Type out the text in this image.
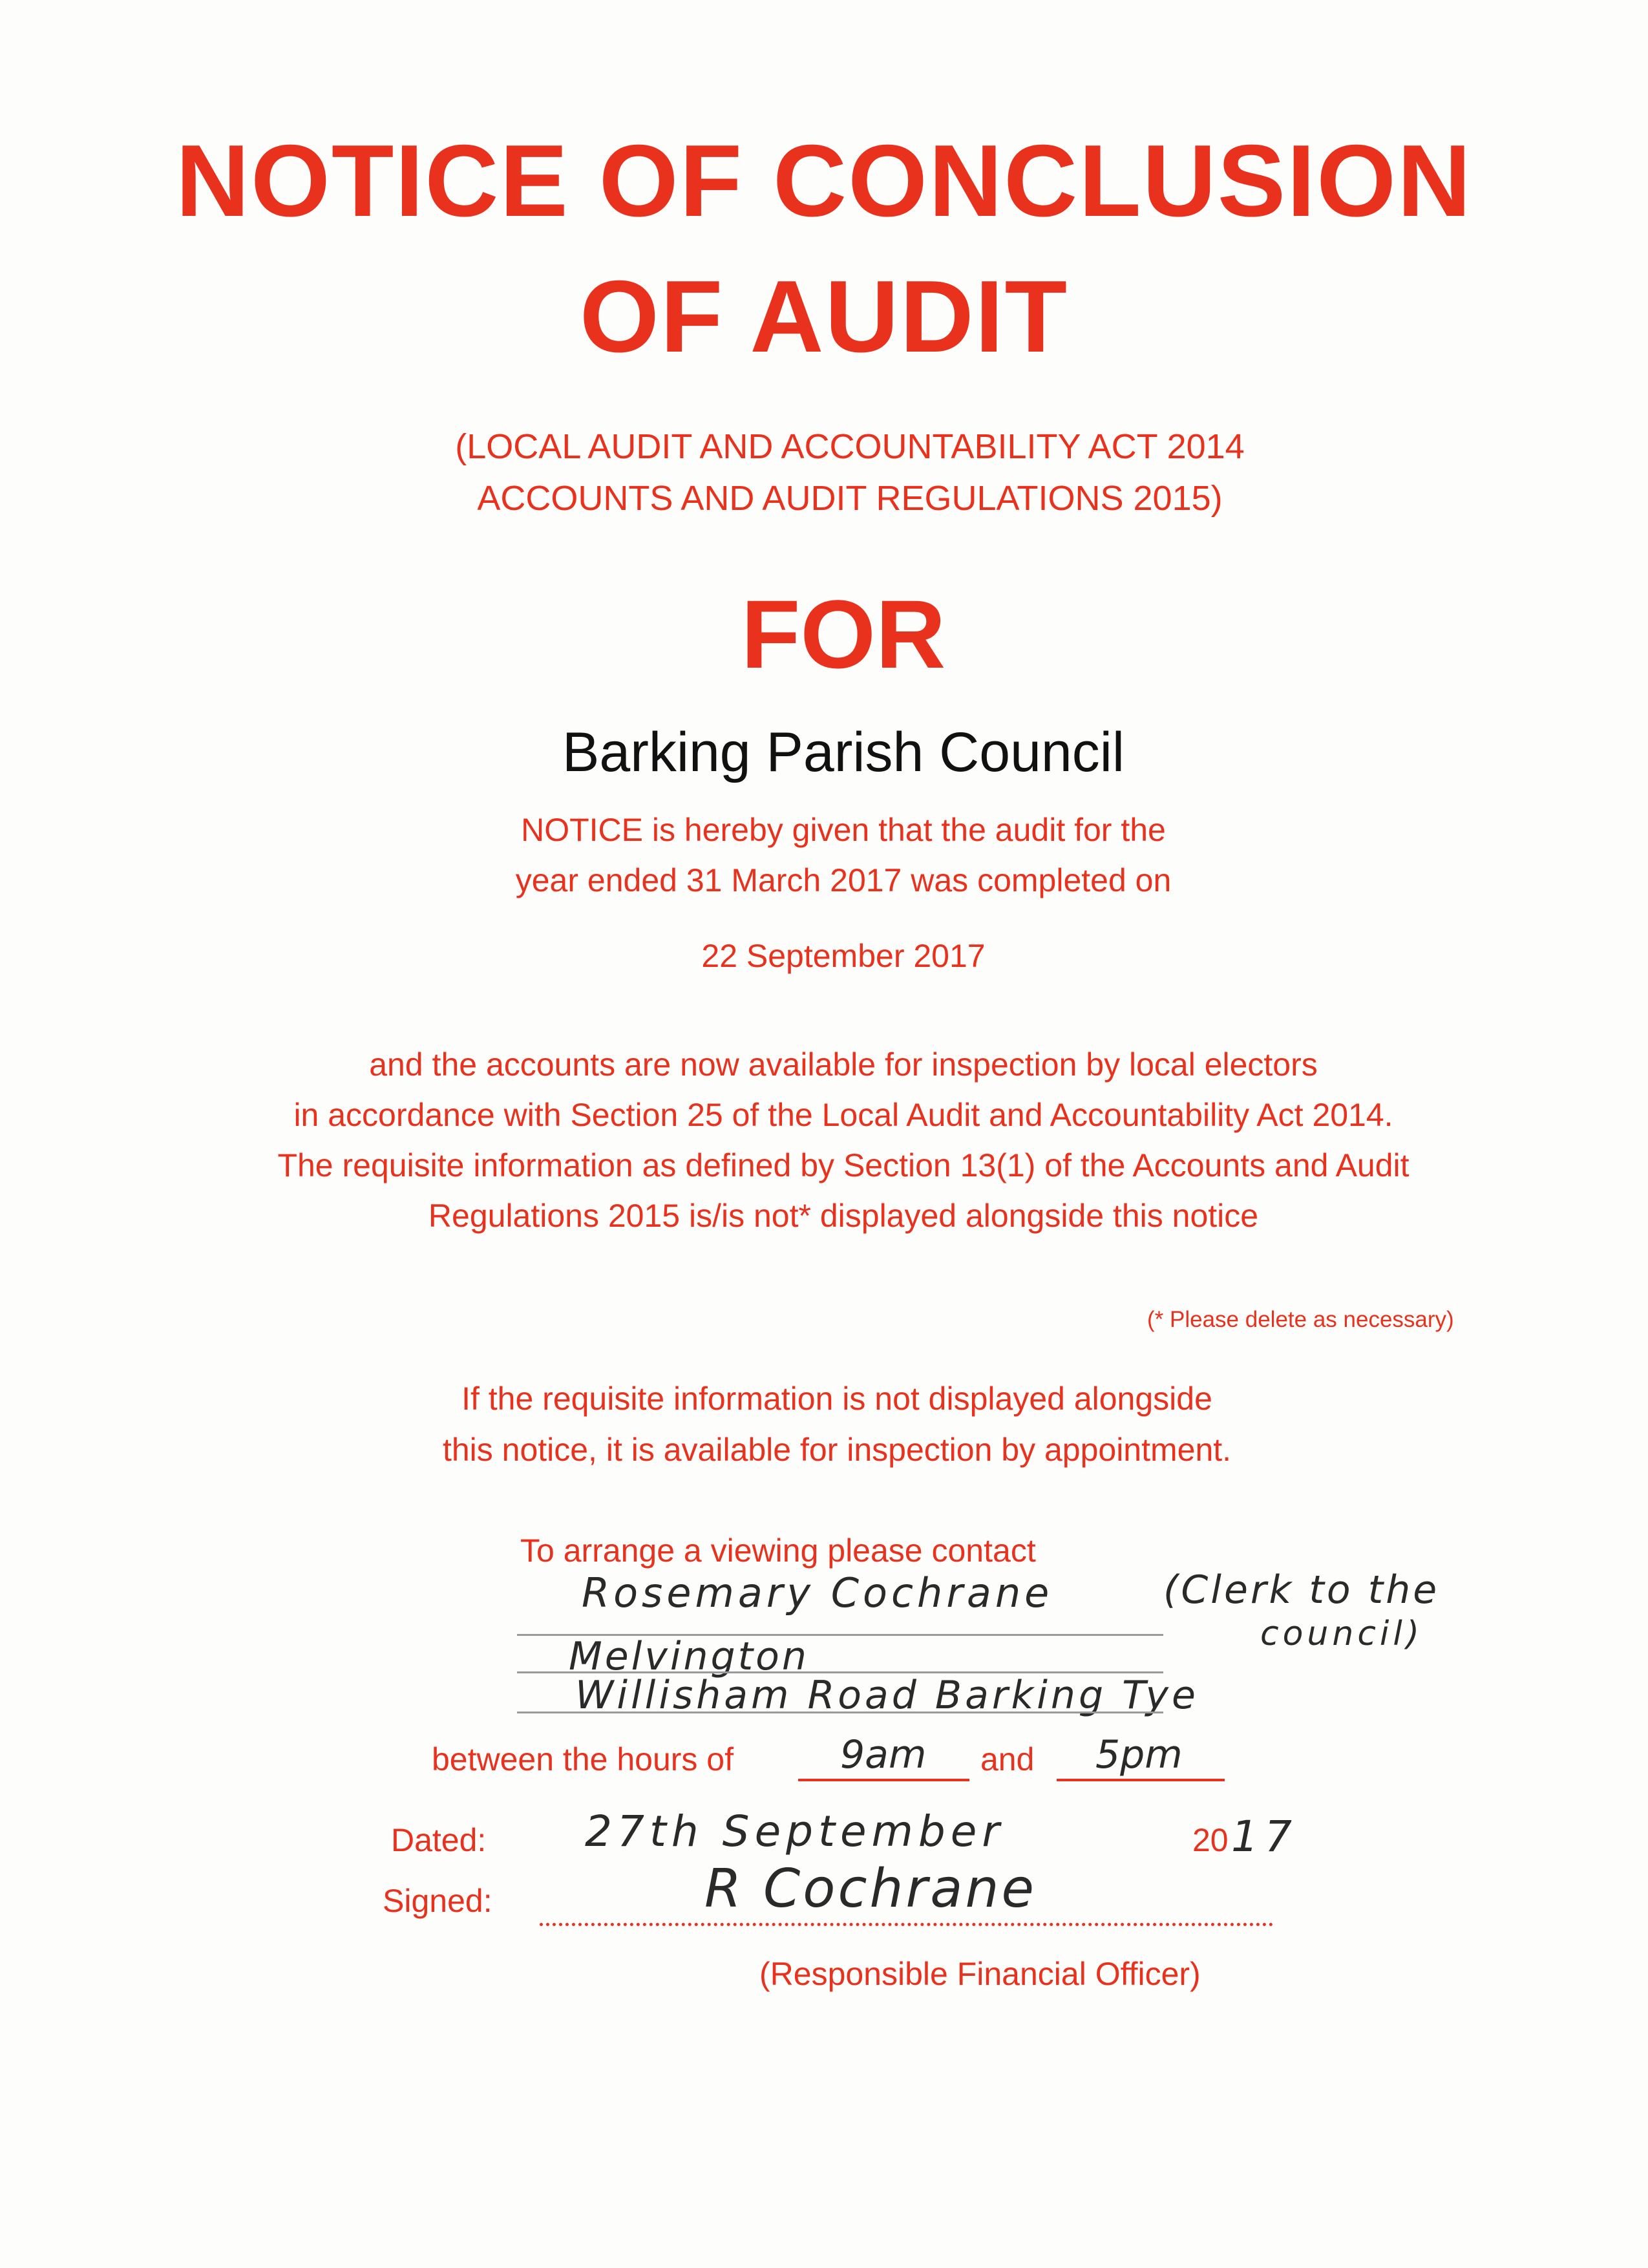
NOTICE OF CONCLUSION
OF AUDIT
(LOCAL AUDIT AND ACCOUNTABILITY ACT 2014
ACCOUNTS AND AUDIT REGULATIONS 2015)
FOR
Barking Parish Council
NOTICE is hereby given that the audit for the
year ended 31 March 2017 was completed on
22 September 2017
and the accounts are now available for inspection by local electors
in accordance with Section 25 of the Local Audit and Accountability Act 2014.
The requisite information as defined by Section 13(1) of the Accounts and Audit
Regulations 2015 is/is not* displayed alongside this notice
(* Please delete as necessary)
If the requisite information is not displayed alongside
this notice, it is available for inspection by appointment.
To arrange a viewing please contact
Rosemary Cochrane	(Clerk to the
council)
Melvington
Willisham Road Barking Tye
between the hours of	9am and 5pm
Dated: 27th September	20 17
Signed:	R Cochrane
(Responsible Financial Officer)
